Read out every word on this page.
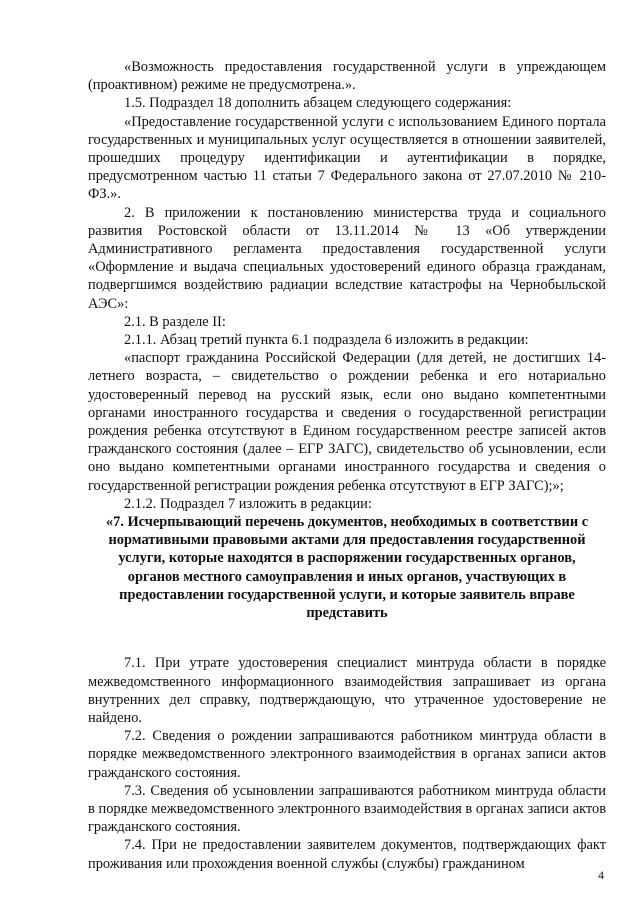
«Возможность предоставления государственной услуги в упреждающем (проактивном) режиме не предусмотрена.».

1.5. Подраздел 18 дополнить абзацем следующего содержания:

«Предоставление государственной услуги с использованием Единого портала государственных и муниципальных услуг осуществляется в отношении заявителей, прошедших процедуру идентификации и аутентификации в порядке, предусмотренном частью 11 статьи 7 Федерального закона от 27.07.2010 № 210-ФЗ.».

2. В приложении к постановлению министерства труда и социального развития Ростовской области от 13.11.2014 № 13 «Об утверждении Административного регламента предоставления государственной услуги «Оформление и выдача специальных удостоверений единого образца гражданам, подвергшимся воздействию радиации вследствие катастрофы на Чернобыльской АЭС»:

2.1. В разделе II:

2.1.1. Абзац третий пункта 6.1 подраздела 6 изложить в редакции:

«паспорт гражданина Российской Федерации (для детей, не достигших 14-летнего возраста, – свидетельство о рождении ребенка и его нотариально удостоверенный перевод на русский язык, если оно выдано компетентными органами иностранного государства и сведения о государственной регистрации рождения ребенка отсутствуют в Едином государственном реестре записей актов гражданского состояния (далее – ЕГР ЗАГС), свидетельство об усыновлении, если оно выдано компетентными органами иностранного государства и сведения о государственной регистрации рождения ребенка отсутствуют в ЕГР ЗАГС);»;

2.1.2. Подраздел 7 изложить в редакции:

«7. Исчерпывающий перечень документов, необходимых в соответствии с нормативными правовыми актами для предоставления государственной услуги, которые находятся в распоряжении государственных органов, органов местного самоуправления и иных органов, участвующих в предоставлении государственной услуги, и которые заявитель вправе представить

7.1. При утрате удостоверения специалист минтруда области в порядке межведомственного информационного взаимодействия запрашивает из органа внутренних дел справку, подтверждающую, что утраченное удостоверение не найдено.

7.2. Сведения о рождении запрашиваются работником минтруда области в порядке межведомственного электронного взаимодействия в органах записи актов гражданского состояния.

7.3. Сведения об усыновлении запрашиваются работником минтруда области в порядке межведомственного электронного взаимодействия в органах записи актов гражданского состояния.

7.4. При не предоставлении заявителем документов, подтверждающих факт проживания или прохождения военной службы (службы) гражданином

4
